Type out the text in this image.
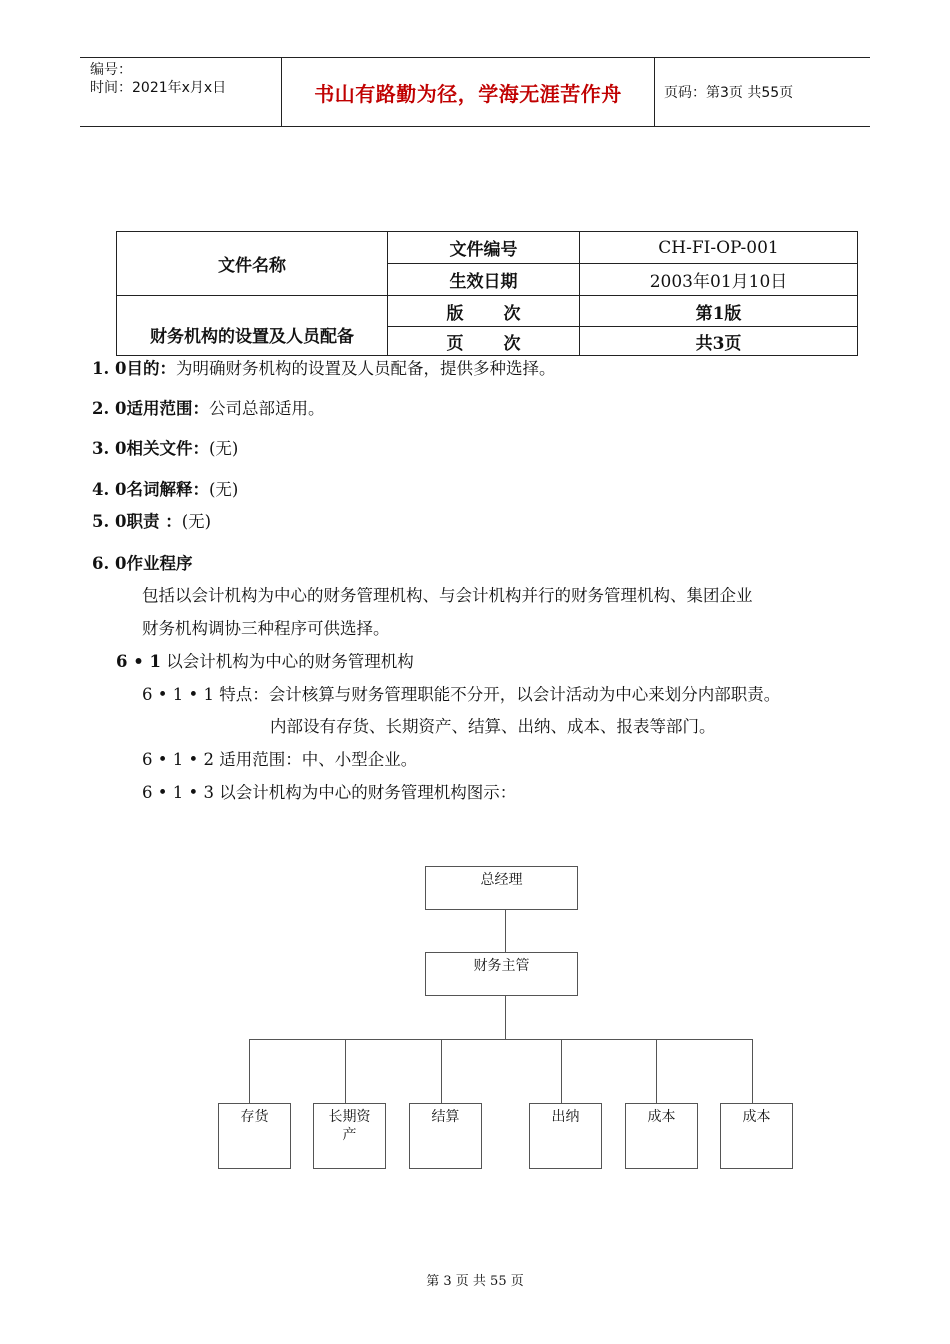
编号：
时间：2021年x月x日	书山有路勤为径，学海无涯苦作舟	页码：第3页 共55页
文件名称	文件编号	CH-FI-OP-001
	生效日期	2003年01月10日
财务机构的设置及人员配备	版 次	第1版
	页 次	共3页
1. 0目的：为明确财务机构的设置及人员配备，提供多种选择。
2. 0适用范围：公司总部适用。
3. 0相关文件：(无)
4. 0名词解释：(无)
5. 0职责 ：(无)
6. 0作业程序
包括以会计机构为中心的财务管理机构、与会计机构并行的财务管理机构、集团企业
财务机构调协三种程序可供选择。
6 • 1 以会计机构为中心的财务管理机构
6 • 1 • 1 特点：会计核算与财务管理职能不分开，以会计活动为中心来划分内部职责。
内部设有存货、长期资产、结算、出纳、成本、报表等部门。
6 • 1 • 2 适用范围：中、小型企业。
6 • 1 • 3 以会计机构为中心的财务管理机构图示：
总经理
财务主管
存货	长期资产
结算	出纳	成本	成本
第 3 页 共 55 页
